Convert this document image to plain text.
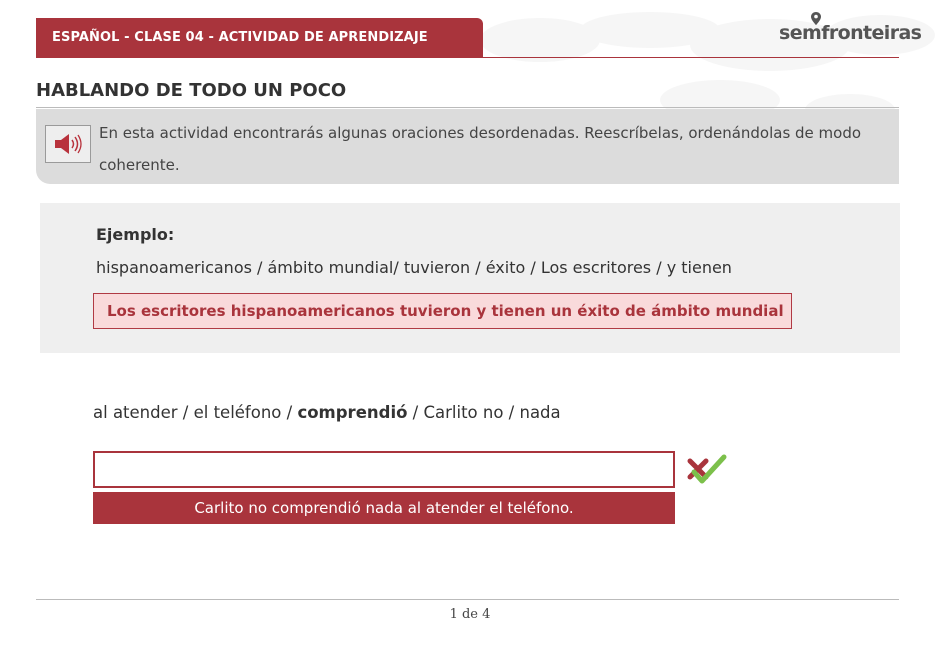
ESPAÑOL - CLASE 04 - ACTIVIDAD DE APRENDIZAJE	semfronteiras
HABLANDO DE TODO UN POCO
En esta actividad encontrarás algunas oraciones desordenadas. Reescríbelas, ordenándolas de modo coherente.
Ejemplo:
hispanoamericanos / ámbito mundial/ tuvieron / éxito / Los escritores / y tienen
Los escritores hispanoamericanos tuvieron y tienen un éxito de ámbito mundial
al atender / el teléfono / comprendió / Carlito no / nada
Carlito no comprendió nada al atender el teléfono.
1 de 4
